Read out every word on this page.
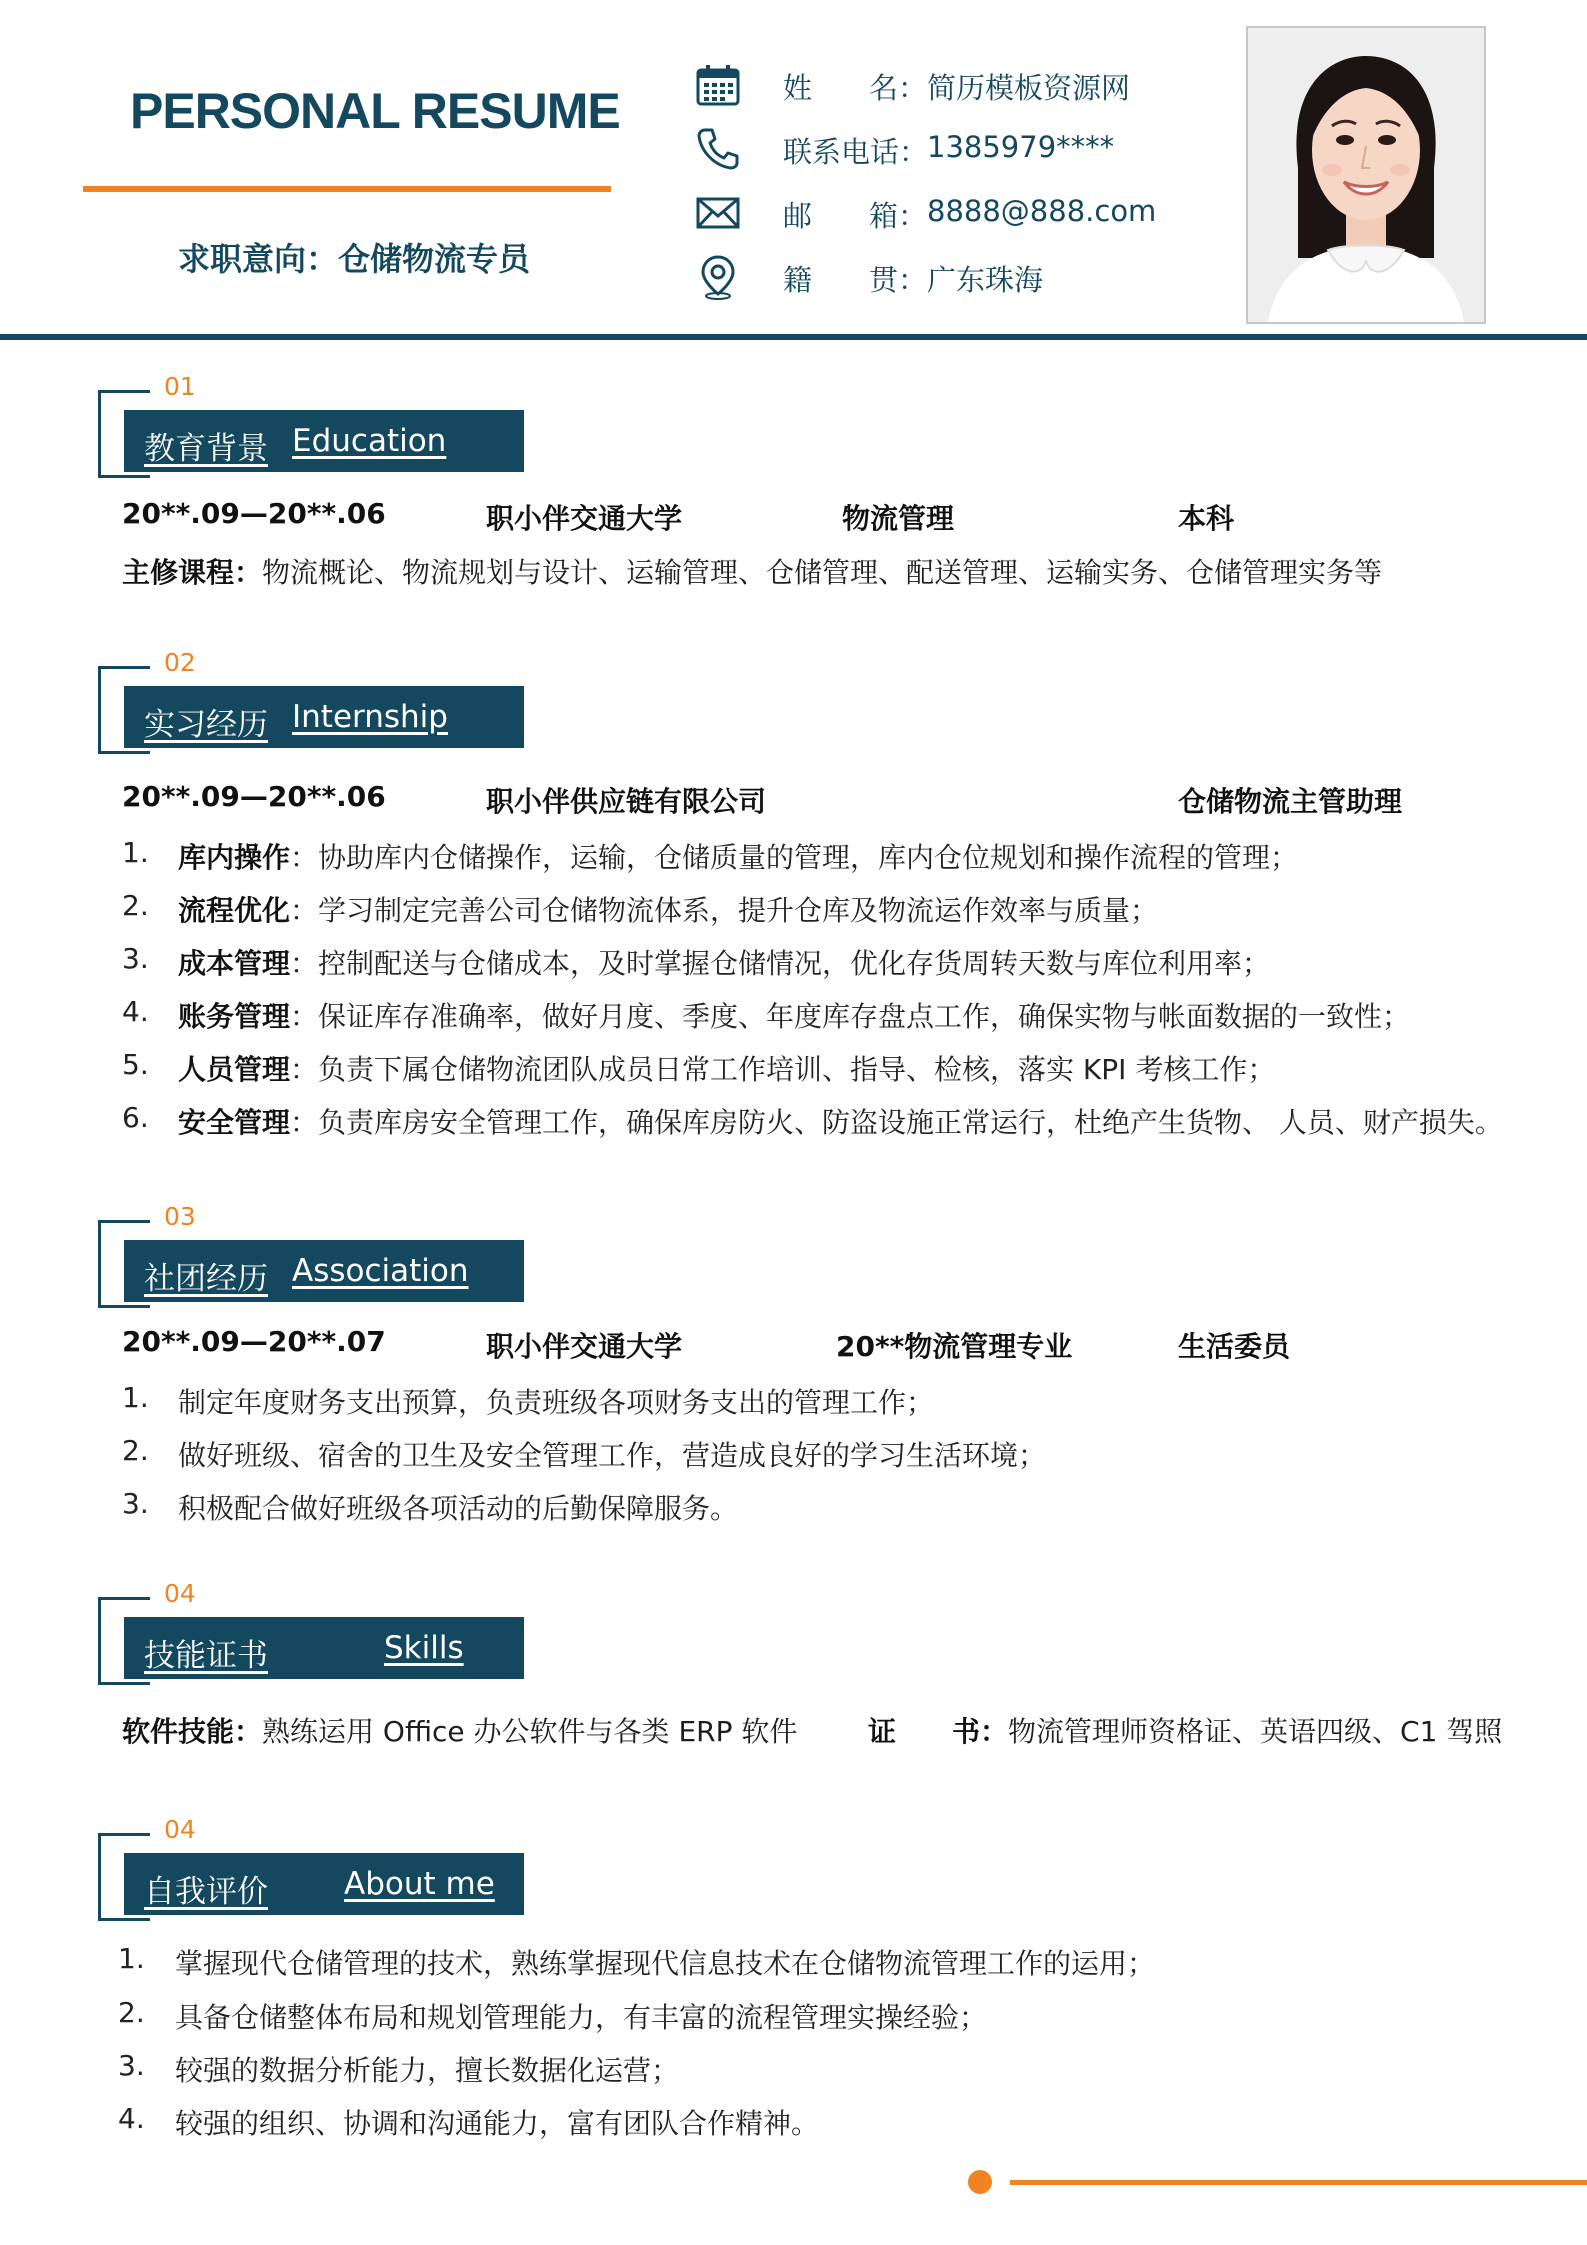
PERSONAL RESUME
求职意向：仓储物流专员
姓 名： 简历模板资源网
联系电话：
1385979****
邮 箱： 8888@888.com
籍 贯： 广东珠海
01
教育背景 Education
20**.09—20**.06	职小伴交通大学	物流管理	本科
主修课程：物流概论、物流规划与设计、运输管理、仓储管理、配送管理、运输实务、仓储管理实务等
02
实习经历 Internship
20**.09—20**.06	职小伴供应链有限公司	仓储物流主管助理
1. 库内操作：协助库内仓储操作，运输，仓储质量的管理，库内仓位规划和操作流程的管理；
2. 流程优化：学习制定完善公司仓储物流体系，提升仓库及物流运作效率与质量；
3. 成本管理：控制配送与仓储成本，及时掌握仓储情况，优化存货周转天数与库位利用率；
4. 账务管理：保证库存准确率，做好月度、季度、年度库存盘点工作，确保实物与帐面数据的一致性；
5. 人员管理：负责下属仓储物流团队成员日常工作培训、指导、检核，落实 KPI 考核工作；
6. 安全管理：负责库房安全管理工作，确保库房防火、防盗设施正常运行，杜绝产生货物、 人员、财产损失。
03
社团经历 Association
20**.09—20**.07	职小伴交通大学	20**物流管理专业	生活委员
1. 制定年度财务支出预算，负责班级各项财务支出的管理工作；
2. 做好班级、宿舍的卫生及安全管理工作，营造成良好的学习生活环境；
3. 积极配合做好班级各项活动的后勤保障服务。
04
技能证书	Skills
软件技能：熟练运用 Office 办公软件与各类 ERP 软件	证 书：物流管理师资格证、英语四级、C1 驾照
04
自我评价 About me
1. 掌握现代仓储管理的技术，熟练掌握现代信息技术在仓储物流管理工作的运用；
2. 具备仓储整体布局和规划管理能力，有丰富的流程管理实操经验；
3. 较强的数据分析能力，擅长数据化运营；
4. 较强的组织、协调和沟通能力，富有团队合作精神。
